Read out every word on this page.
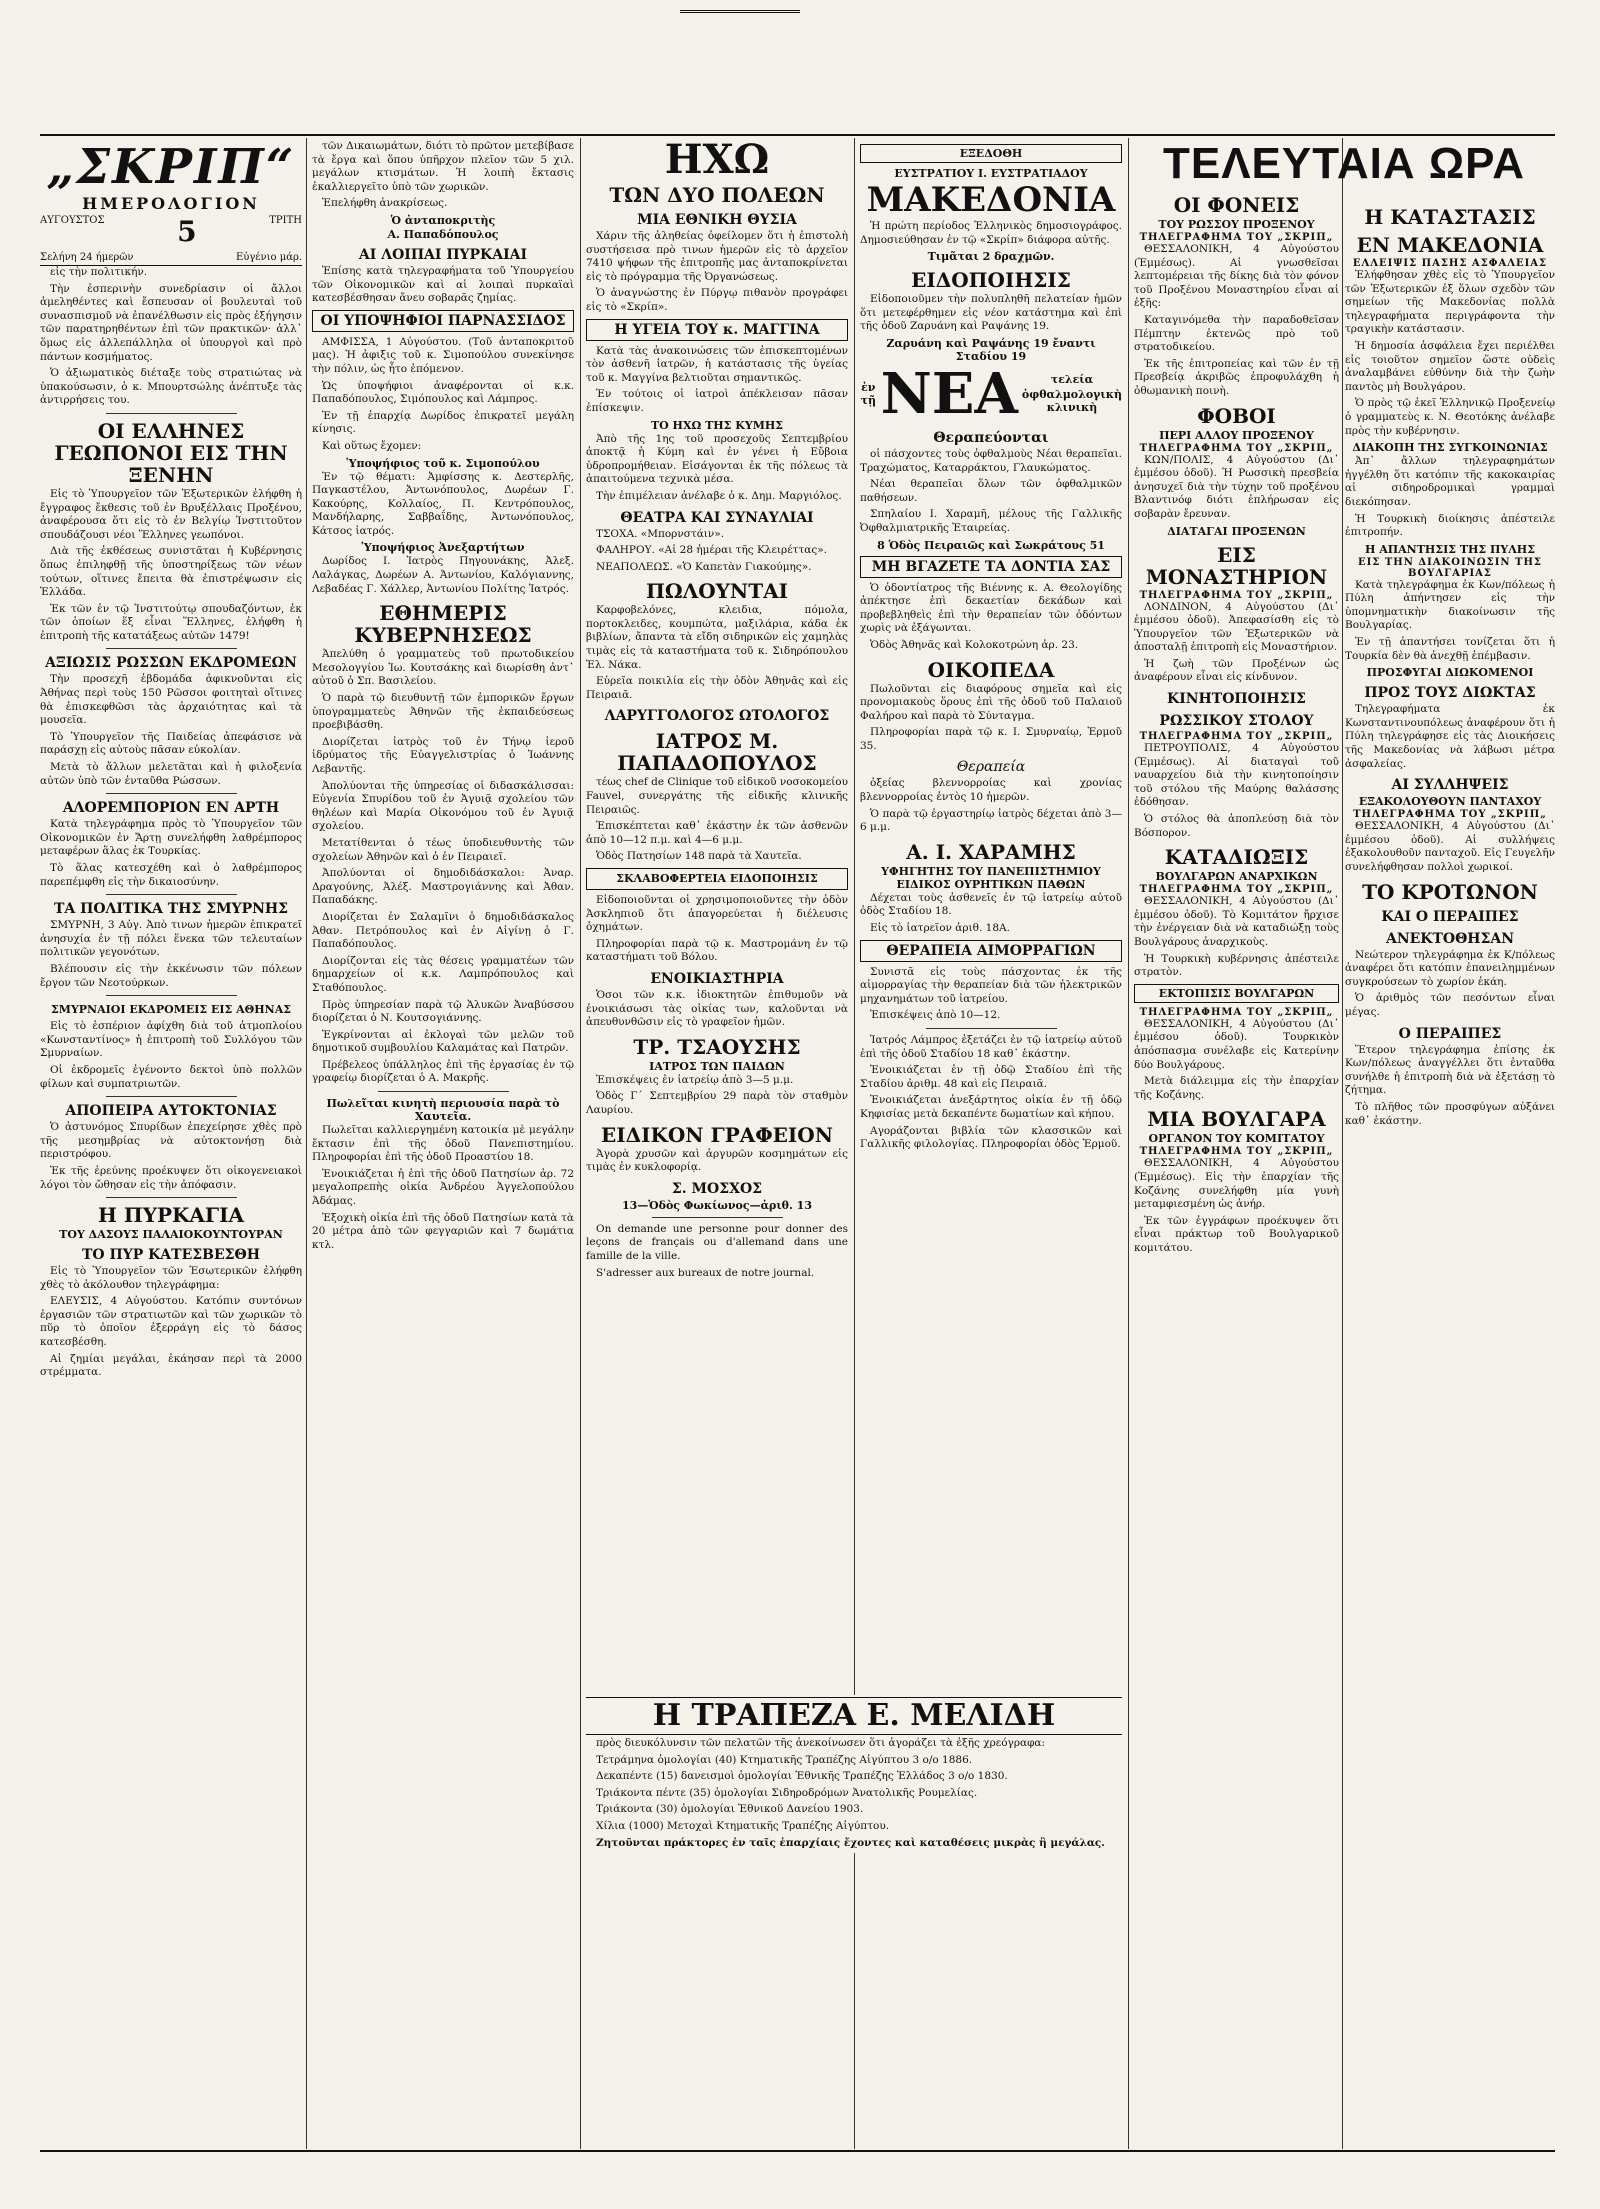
„ΣΚΡΙΠ“
ΗΜΕΡΟΛΟΓΙΟΝ
ΑΥΓΟΥΣΤΟΣ	5	ΤΡΙΤΗ
Σελήνη 24 ήμερῶν	Εὐγένιο μάρ.

εἰς τὴν πολιτικήν.

Τὴν ἐσπερινὴν συνεδρίασιν οἱ ἄλλοι ἀμεληθέντες καὶ ἔσπευσαν οἱ βουλευταὶ τοῦ συνασπισμοῦ νὰ ἐπανέλθωσιν εἰς πρὸς ἐξήγησιν τῶν παρατηρηθέντων ἐπὶ τῶν πρακτικῶν· ἀλλ᾽ ὅμως εἰς ἀλλεπάλληλα οἱ ὑπουργοὶ καὶ πρὸ πάντων κοσμήματος.

Ὁ ἀξιωματικὸς διέταξε τοὺς στρατιώτας νὰ ὑπακούσωσιν, ὁ κ. Μπουρτσώλης ἀνέπτυξε τὰς ἀντιρρήσεις του.

ΟΙ ΕΛΛΗΝΕΣ ΓΕΩΠΟΝΟΙ ΕΙΣ ΤΗΝ ΞΕΝΗΝ

Εἰς τὸ Ὑπουργεῖον τῶν Ἐξωτερικῶν ἐλήφθη ἡ ἔγγραφος ἔκθεσις τοῦ ἐν Βρυξέλλαις Προξένου, ἀναφέρουσα ὅτι εἰς τὸ ἐν Βελγίῳ Ἰνστιτοῦτον σπουδάζουσι νέοι Ἕλληνες γεωπόνοι.

Διὰ τῆς ἐκθέσεως συνιστᾶται ἡ Κυβέρνησις ὅπως ἐπιληφθῇ τῆς ὑποστηρίξεως τῶν νέων τούτων, οἵτινες ἔπειτα θὰ ἐπιστρέψωσιν εἰς Ἑλλάδα.

Ἐκ τῶν ἐν τῷ Ἰνστιτούτῳ σπουδαζόντων, ἐκ τῶν ὁποίων ἕξ εἶναι Ἕλληνες, ἐλήφθη ἡ ἐπιτροπὴ τῆς κατατάξεως αὐτῶν 1479!

ΑΞΙΩΣΙΣ ΡΩΣΣΩΝ ΕΚΔΡΟΜΕΩΝ

Τὴν προσεχῆ ἑβδομάδα ἀφικνοῦνται εἰς Ἀθήνας περὶ τοὺς 150 Ρῶσσοι φοιτηταὶ οἵτινες θὰ ἐπισκεφθῶσι τὰς ἀρχαιότητας καὶ τὰ μουσεῖα.

Τὸ Ὑπουργεῖον τῆς Παιδείας ἀπεφάσισε νὰ παράσχῃ εἰς αὐτοὺς πᾶσαν εὐκολίαν.

Μετὰ τὸ ἄλλων μελετᾶται καὶ ἡ φιλοξενία αὐτῶν ὑπὸ τῶν ἐνταῦθα Ρώσσων.

ΑΛΟΡΕΜΠΟΡΙΟΝ ΕΝ ΑΡΤΗ

Κατὰ τηλεγράφημα πρὸς τὸ Ὑπουργεῖον τῶν Οἰκονομικῶν ἐν Ἄρτῃ συνελήφθη λαθρέμπορος μεταφέρων ἅλας ἐκ Τουρκίας.

Τὸ ἅλας κατεσχέθη καὶ ὁ λαθρέμπορος παρεπέμφθη εἰς τὴν δικαιοσύνην.

ΤΑ ΠΟΛΙΤΙΚΑ ΤΗΣ ΣΜΥΡΝΗΣ

ΣΜΥΡΝΗ, 3 Αὐγ. Ἀπὸ τινων ἡμερῶν ἐπικρατεῖ ἀνησυχία ἐν τῇ πόλει ἕνεκα τῶν τελευταίων πολιτικῶν γεγονότων.

Βλέπουσιν εἰς τὴν ἐκκένωσιν τῶν πόλεων ἔργον τῶν Νεοτούρκων.

ΣΜΥΡΝΑΙΟΙ ΕΚΔΡΟΜΕΙΣ ΕΙΣ ΑΘΗΝΑΣ

Εἰς τὸ ἑσπέριον ἀφίχθη διὰ τοῦ ἀτμοπλοίου «Κωνσταντίνος» ἡ ἐπιτροπὴ τοῦ Συλλόγου τῶν Σμυρναίων.

Οἱ ἐκδρομεῖς ἐγένοντο δεκτοὶ ὑπὸ πολλῶν φίλων καὶ συμπατριωτῶν.

ΑΠΟΠΕΙΡΑ ΑΥΤΟΚΤΟΝΙΑΣ

Ὁ ἀστυνόμος Σπυρίδων ἐπεχείρησε χθὲς πρὸ τῆς μεσημβρίας νὰ αὐτοκτονήσῃ διὰ περιστρόφου.

Ἐκ τῆς ἐρεύνης προέκυψεν ὅτι οἰκογενειακοὶ λόγοι τὸν ὤθησαν εἰς τὴν ἀπόφασιν.

Η ΠΥΡΚΑΓΙΑ
ΤΟΥ ΔΑΣΟΥΣ ΠΑΛΑΙΟΚΟΥΝΤΟΥΡΑΝ
ΤΟ ΠΥΡ ΚΑΤΕΣΒΕΣΘΗ

Εἰς τὸ Ὑπουργεῖον τῶν Ἐσωτερικῶν ἐλήφθη χθὲς τὸ ἀκόλουθον τηλεγράφημα:

ΕΛΕΥΣΙΣ, 4 Αὐγούστου. Κατόπιν συντόνων ἐργασιῶν τῶν στρατιωτῶν καὶ τῶν χωρικῶν τὸ πῦρ τὸ ὁποῖον ἐξερράγη εἰς τὸ δάσος κατεσβέσθη.

Αἱ ζημίαι μεγάλαι, ἐκάησαν περὶ τὰ 2000 στρέμματα.

τῶν Δικαιωμάτων, διότι τὸ πρῶτον μετεβίβασε τὰ ἔργα καὶ ὅπου ὑπῆρχον πλεῖον τῶν 5 χιλ. μεγάλων κτισμάτων. Ἡ λοιπὴ ἔκτασις ἐκαλλιεργεῖτο ὑπὸ τῶν χωρικῶν.

Ἐπελήφθη ἀνακρίσεως.

Ὁ ἀνταποκριτὴς
Α. Παπαδόπουλος
ΑΙ ΛΟΙΠΑΙ ΠΥΡΚΑΙΑΙ

Ἐπίσης κατὰ τηλεγραφήματα τοῦ Ὑπουργείου τῶν Οἰκονομικῶν καὶ αἱ λοιπαὶ πυρκαϊαὶ κατεσβέσθησαν ἄνευ σοβαρᾶς ζημίας.

ΟΙ ΥΠΟΨΗΦΙΟΙ ΠΑΡΝΑΣΣΙΔΟΣ

ΑΜΦΙΣΣΑ, 1 Αὐγούστου. (Τοῦ ἀνταποκριτοῦ μας). Ἡ ἀφιξις τοῦ κ. Σιμοπούλου συνεκίνησε τὴν πόλιν, ὡς ἦτο ἐπόμενον.

Ὡς ὑποψήφιοι ἀναφέρονται οἱ κ.κ. Παπαδόπουλος, Σιμόπουλος καὶ Λάμπρος.

Ἐν τῇ ἐπαρχίᾳ Δωρίδος ἐπικρατεῖ μεγάλη κίνησις.

Καὶ οὕτως ἔχομεν:

Ὑποψήφιος τοῦ κ. Σιμοπούλου

Ἐν τῷ θέματι: Ἀμφίσσης κ. Δεστερλῆς, Παγκαστέλου, Ἀντωνόπουλος, Δωρέων Γ. Κακούρης, Κολλαίος, Π. Κεντρόπουλος, Μανδήλαρης, Σαββαΐδης, Ἀντωνόπουλος, Κάτσος ἰατρός.

Ὑποψήφιος Ἀνεξαρτήτων

Δωρίδος Ι. Ἰατρὸς Πηγουνάκης, Ἀλεξ. Λαλάγκας, Δωρέων Α. Ἀντωνίου, Καλόγιαννης, Λεβαδέας Γ. Χάλλερ, Ἀντωνίου Πολίτης Ἰατρός.

ΕΘΗΜΕΡΙΣ ΚΥΒΕΡΝΗΣΕΩΣ

Ἀπελύθη ὁ γραμματεὺς τοῦ πρωτοδικείου Μεσολογγίου Ἰω. Κουτσάκης καὶ διωρίσθη ἀντ᾽ αὐτοῦ ὁ Σπ. Βασιλείου.

Ὁ παρὰ τῷ διευθυντῇ τῶν ἐμπορικῶν ἔργων ὑπογραμματεὺς Ἀθηνῶν τῆς ἐκπαιδεύσεως προεβιβάσθη.

Διορίζεται ἰατρὸς τοῦ ἐν Τήνῳ ἱεροῦ ἱδρύματος τῆς Εὐαγγελιστρίας ὁ Ἰωάννης Λεβαντῆς.

Ἀπολύονται τῆς ὑπηρεσίας οἱ διδασκάλισσαι: Εὐγενία Σπυρίδου τοῦ ἐν Ἀγυιᾷ σχολείου τῶν θηλέων καὶ Μαρία Οἰκονόμου τοῦ ἐν Ἀγυιᾷ σχολείου.

Μετατίθενται ὁ τέως ὑποδιευθυντὴς τῶν σχολείων Ἀθηνῶν καὶ ὁ ἐν Πειραιεῖ.

Ἀπολύονται οἱ δημοδιδάσκαλοι: Ἀναρ. Δραγούνης, Ἀλέξ. Μαστρογιάννης καὶ Ἀθαν. Παπαδάκης.

Διορίζεται ἐν Σαλαμῖνι ὁ δημοδιδάσκαλος Ἀθαν. Πετρόπουλος καὶ ἐν Αἰγίνῃ ὁ Γ. Παπαδόπουλος.

Διορίζονται εἰς τὰς θέσεις γραμματέων τῶν δημαρχείων οἱ κ.κ. Λαμπρόπουλος καὶ Σταθόπουλος.

Πρὸς ὑπηρεσίαν παρὰ τῷ Ἁλυκῶν Ἀναβύσσου διορίζεται ὁ Ν. Κουτσογιάννης.

Ἐγκρίνονται αἱ ἐκλογαὶ τῶν μελῶν τοῦ δημοτικοῦ συμβουλίου Καλαμάτας καὶ Πατρῶν.

Πρέβελεος ὑπάλληλος ἐπὶ τῆς ἐργασίας ἐν τῷ γραφείῳ διορίζεται ὁ Α. Μακρῆς.

Πωλεῖται κινητὴ περιουσία παρὰ τὸ Χαυτεῖα.

Πωλεῖται καλλιεργημένη κατοικία μὲ μεγάλην ἔκτασιν ἐπὶ τῆς ὁδοῦ Πανεπιστημίου. Πληροφορίαι ἐπὶ τῆς ὁδοῦ Προαστίου 18.

Ἐνοικιάζεται ἡ ἐπὶ τῆς ὁδοῦ Πατησίων ἀρ. 72 μεγαλοπρεπὴς οἰκία Ἀνδρέου Ἀγγελοπούλου Ἀδάμας.

Ἐξοχικὴ οἰκία ἐπὶ τῆς ὁδοῦ Πατησίων κατὰ τὰ 20 μέτρα ἀπὸ τῶν φεγγαριῶν καὶ 7 δωμάτια κτλ.

ΗΧΩ
ΤΩΝ ΔΥΟ ΠΟΛΕΩΝ
ΜΙΑ ΕΘΝΙΚΗ ΘΥΣΙΑ

Χάριν τῆς ἀληθείας ὀφείλομεν ὅτι ἡ ἐπιστολὴ συστήσεισα πρὸ τινων ἡμερῶν εἰς τὸ ἀρχεῖον 7410 ψήφων τῆς ἐπιτροπῆς μας ἀνταποκρίνεται εἰς τὸ πρόγραμμα τῆς Ὀργανώσεως.

Ὁ ἀναγνώστης ἐν Πύργῳ πιθανὸν προγράφει εἰς τὸ «Σκρίπ».

Η ΥΓΕΙΑ ΤΟΥ κ. ΜΑΓΓΙΝΑ

Κατὰ τὰς ἀνακοινώσεις τῶν ἐπισκεπτομένων τὸν ἀσθενῆ ἰατρῶν, ἡ κατάστασις τῆς ὑγείας τοῦ κ. Μαγγίνα βελτιοῦται σημαντικῶς.

Ἐν τούτοις οἱ ἰατροὶ ἀπέκλεισαν πᾶσαν ἐπίσκεψιν.

ΤΟ ΗΧΩ ΤΗΣ ΚΥΜΗΣ

Ἀπὸ τῆς 1ης τοῦ προσεχοῦς Σεπτεμβρίου ἀποκτᾷ ἡ Κύμη καὶ ἐν γένει ἡ Εὔβοια ὑδροπρομήθειαν. Εἰσάγονται ἐκ τῆς πόλεως τὰ ἀπαιτούμενα τεχνικὰ μέσα.

Τὴν ἐπιμέλειαν ἀνέλαβε ὁ κ. Δημ. Μαργιόλος.

ΘΕΑΤΡΑ ΚΑΙ ΣΥΝΑΥΛΙΑΙ

ΤΣΟΧΑ. «Μπορνστάιν».

ΦΑΛΗΡΟΥ. «Αἱ 28 ἡμέραι τῆς Κλειρέττας».

ΝΕΑΠΟΛΕΩΣ. «Ὁ Καπετὰν Γιακούμης».

ΠΩΛΟΥΝΤΑΙ

Καρφοβελόνες, κλειδια, πόμολα, πορτοκλειδες, κουμπώτα, μαξιλάρια, κάδα ἐκ βιβλίων, ἄπαντα τὰ εἴδη σιδηρικῶν εἰς χαμηλὰς τιμὰς εἰς τὰ καταστήματα τοῦ κ. Σιδηρόπουλου Ἑλ. Νάκα.

Εὐρεῖα ποικιλία εἰς τὴν ὁδὸν Ἀθηνᾶς καὶ εἰς Πειραιᾶ.

ΛΑΡΥΓΓΟΛΟΓΟΣ ΩΤΟΛΟΓΟΣ
ΙΑΤΡΟΣ Μ. ΠΑΠΑΔΟΠΟΥΛΟΣ

τέως chef de Clinique τοῦ εἰδικοῦ νοσοκομείου Fauvel, συνεργάτης τῆς εἰδικῆς κλινικῆς Πειραιῶς.

Ἐπισκέπτεται καθ᾽ ἑκάστην ἐκ τῶν ἀσθενῶν ἀπὸ 10—12 π.μ. καὶ 4—6 μ.μ.

Ὁδὸς Πατησίων 148 παρὰ τὰ Χαυτεῖα.

ΣΚΛΑΒΟΦΕΡΤΕΙΑ ΕΙΔΟΠΟΙΗΣΙΣ

Εἰδοποιοῦνται οἱ χρησιμοποιοῦντες τὴν ὁδὸν Ἀσκληπιοῦ ὅτι ἀπαγορεύεται ἡ διέλευσις ὀχημάτων.

Πληροφορίαι παρὰ τῷ κ. Μαστρομάνη ἐν τῷ καταστήματι τοῦ Βόλου.

ΕΝΟΙΚΙΑΣΤΗΡΙΑ

Ὁσοι τῶν κ.κ. ἰδιοκτητῶν ἐπιθυμοῦν νὰ ἐνοικιάσωσι τὰς οἰκίας των, καλοῦνται νὰ ἀπευθυνθῶσιν εἰς τὸ γραφεῖον ἡμῶν.

ΤΡ. ΤΣΑΟΥΣΗΣ
ΙΑΤΡΟΣ ΤΩΝ ΠΑΙΔΩΝ

Ἐπισκέψεις ἐν ἰατρείῳ ἀπὸ 3—5 μ.μ.

Ὁδὸς Γ΄ Σεπτεμβρίου 29 παρὰ τὸν σταθμὸν Λαυρίου.

ΕΙΔΙΚΟΝ ΓΡΑΦΕΙΟΝ

Ἀγορὰ χρυσῶν καὶ ἀργυρῶν κοσμημάτων εἰς τιμὰς ἐν κυκλοφορίᾳ.

Σ. ΜΟΣΧΟΣ
13—Ὁδὸς Φωκίωνος—ἀριθ. 13

On demande une personne pour donner des leçons de français ou d'allemand dans une famille de la ville.

S'adresser aux bureaux de notre journal.

ΕΞΕΔΟΘΗ
ΕΥΣΤΡΑΤΙΟΥ Ι. ΕΥΣΤΡΑΤΙΑΔΟΥ
ΜΑΚΕΔΟΝΙΑ

Ἡ πρώτη περίοδος Ἑλληνικὸς δημοσιογράφος. Δημοσιεύθησαν ἐν τῷ «Σκρίπ» διάφορα αὐτῆς.

Τιμᾶται 2 δραχμῶν.
ΕΙΔΟΠΟΙΗΣΙΣ

Εἰδοποιοῦμεν τὴν πολυπληθῆ πελατείαν ἡμῶν ὅτι μετεφέρθημεν εἰς νέον κατάστημα καὶ ἐπὶ τῆς ὁδοῦ Ζαρυάνη καὶ Ραψάνης 19.

Ζαρυάνη καὶ Ραψάνης 19 ἔναντι Σταδίου 19
ἐν τῇ ΝΕΑ	τελεία
ὀφθαλμολογικὴ κλινικὴ
Θεραπεύονται

οἱ πάσχοντες τοὺς ὀφθαλμοὺς Νέαι θεραπεῖαι. Τραχώματος, Καταρράκτου, Γλαυκώματος.

Νέαι θεραπεῖαι ὅλων τῶν ὀφθαλμικῶν παθήσεων.

Σπηλαίου Ι. Χαραμῆ, μέλους τῆς Γαλλικῆς Ὀφθαλμιατρικῆς Ἑταιρείας.

8 Ὁδὸς Πειραιῶς καὶ Σωκράτους 51
ΜΗ ΒΓΑΖΕΤΕ ΤΑ ΔΟΝΤΙΑ ΣΑΣ

Ὁ ὀδοντίατρος τῆς Βιέννης κ. Α. Θεολογίδης ἀπέκτησε ἐπὶ δεκαετίαν δεκάδων καὶ προβεβληθεὶς ἐπὶ τὴν θεραπείαν τῶν ὀδόντων χωρὶς νὰ ἐξάγωνται.

Ὁδὸς Ἀθηνᾶς καὶ Κολοκοτρώνη ἀρ. 23.

ΟΙΚΟΠΕΔΑ

Πωλοῦνται εἰς διαφόρους σημεῖα καὶ εἰς προνομιακοὺς ὅρους ἐπὶ τῆς ὁδοῦ τοῦ Παλαιοῦ Φαλήρου καὶ παρὰ τὸ Σύνταγμα.

Πληροφορίαι παρὰ τῷ κ. Ι. Σμυρναίῳ, Ἑρμοῦ 35.

Θεραπεία

ὀξείας βλεννορροίας καὶ χρονίας βλεννορροίας ἐντὸς 10 ἡμερῶν.

Ὁ παρὰ τῷ ἐργαστηρίῳ ἰατρὸς δέχεται ἀπὸ 3—6 μ.μ.

Α. Ι. ΧΑΡΑΜΗΣ
ΥΦΗΓΗΤΗΣ ΤΟΥ ΠΑΝΕΠΙΣΤΗΜΙΟΥ ΕΙΔΙΚΟΣ ΟΥΡΗΤΙΚΩΝ ΠΑΘΩΝ

Δέχεται τοὺς ἀσθενεῖς ἐν τῷ ἰατρείῳ αὐτοῦ ὁδὸς Σταδίου 18.

Εἰς τὸ ἰατρεῖον ἀριθ. 18Α.

ΘΕΡΑΠΕΙΑ ΑΙΜΟΡΡΑΓΙΩΝ

Συνιστᾶ εἰς τοὺς πάσχοντας ἐκ τῆς αἱμορραγίας τὴν θεραπείαν διὰ τῶν ἠλεκτρικῶν μηχανημάτων τοῦ ἰατρείου.

Ἐπισκέψεις ἀπὸ 10—12.

Ἰατρός Λάμπρος ἐξετάζει ἐν τῷ ἰατρείῳ αὐτοῦ ἐπὶ τῆς ὁδοῦ Σταδίου 18 καθ᾽ ἑκάστην.

Ἐνοικιάζεται ἐν τῇ ὁδῷ Σταδίου ἐπὶ τῆς Σταδίου ἀριθμ. 48 καὶ εἰς Πειραιᾶ.

Ἐνοικιάζεται ἀνεξάρτητος οἰκία ἐν τῇ ὁδῷ Κηφισίας μετὰ δεκαπέντε δωματίων καὶ κήπου.

Αγοράζονται βιβλία τῶν κλασσικῶν καὶ Γαλλικῆς φιλολογίας. Πληροφορίαι ὁδὸς Ἐρμοῦ.

ΤΕΛΕΥΤΑΙΑ ΩΡΑ
ΟΙ ΦΟΝΕΙΣ
ΤΟΥ ΡΩΣΣΟΥ ΠΡΟΞΕΝΟΥ
ΤΗΛΕΓΡΑΦΗΜΑ ΤΟΥ „ΣΚΡΙΠ„

ΘΕΣΣΑΛΟΝΙΚΗ, 4 Αὐγούστου (Ἐμμέσως). Αἱ γνωσθεῖσαι λεπτομέρειαι τῆς δίκης διὰ τὸν φόνον τοῦ Προξένου Μοναστηρίου εἶναι αἱ ἑξῆς:

Καταγινόμεθα τὴν παραδοθεῖσαν Πέμπτην ἐκτενῶς πρὸ τοῦ στρατοδικείου.

Ἐκ τῆς ἐπιτροπείας καὶ τῶν ἐν τῇ Πρεσβείᾳ ἀκριβῶς ἐπροφυλάχθη ἡ ὀθωμανικὴ ποινὴ.

ΦΟΒΟΙ
ΠΕΡΙ ΑΛΛΟΥ ΠΡΟΞΕΝΟΥ
ΤΗΛΕΓΡΑΦΗΜΑ ΤΟΥ „ΣΚΡΙΠ„

ΚΩΝ/ΠΟΛΙΣ, 4 Αὐγούστου (Δι᾽ ἐμμέσου ὁδοῦ). Ἡ Ρωσσικὴ πρεσβεία ἀνησυχεῖ διὰ τὴν τύχην τοῦ προξένου Βλαντινόφ διότι ἐπλήρωσαν εἰς σοβαρὰν ἔρευναν.

ΔΙΑΤΑΓΑΙ ΠΡΟΞΕΝΩΝ
ΕΙΣ ΜΟΝΑΣΤΗΡΙΟΝ
ΤΗΛΕΓΡΑΦΗΜΑ ΤΟΥ „ΣΚΡΙΠ„

ΛΟΝΔΙΝΟΝ, 4 Αὐγούστου (Δι᾽ ἐμμέσου ὁδοῦ). Ἀπεφασίσθη εἰς τὸ Ὑπουργεῖον τῶν Ἐξωτερικῶν νὰ ἀποσταλῇ ἐπιτροπὴ εἰς Μοναστήριον.

Ἡ ζωὴ τῶν Προξένων ὡς ἀναφέρουν εἶναι εἰς κίνδυνον.

ΚΙΝΗΤΟΠΟΙΗΣΙΣ
ΡΩΣΣΙΚΟΥ ΣΤΟΛΟΥ
ΤΗΛΕΓΡΑΦΗΜΑ ΤΟΥ „ΣΚΡΙΠ„

ΠΕΤΡΟΥΠΟΛΙΣ, 4 Αὐγούστου (Ἐμμέσως). Αἱ διαταγαὶ τοῦ ναυαρχείου διὰ τὴν κινητοποίησιν τοῦ στόλου τῆς Μαύρης θαλάσσης ἐδόθησαν.

Ὁ στόλος θὰ ἀποπλεύσῃ διὰ τὸν Βόσπορον.

ΚΑΤΑΔΙΩΞΙΣ
ΒΟΥΛΓΑΡΩΝ ΑΝΑΡΧΙΚΩΝ
ΤΗΛΕΓΡΑΦΗΜΑ ΤΟΥ „ΣΚΡΙΠ„

ΘΕΣΣΑΛΟΝΙΚΗ, 4 Αὐγούστου (Δι᾽ ἐμμέσου ὁδοῦ). Τὸ Κομιτάτον ἤρχισε τὴν ἐνέργειαν διὰ νὰ καταδιώξῃ τοὺς Βουλγάρους ἀναρχικοὺς.

Ἡ Τουρκικὴ κυβέρνησις ἀπέστειλε στρατὸν.

ΕΚΤΟΠΙΣΙΣ ΒΟΥΛΓΑΡΩΝ
ΤΗΛΕΓΡΑΦΗΜΑ ΤΟΥ „ΣΚΡΙΠ„

ΘΕΣΣΑΛΟΝΙΚΗ, 4 Αὐγούστου (Δι᾽ ἐμμέσου ὁδοῦ). Τουρκικὸν ἀπόσπασμα συνέλαβε εἰς Κατερίνην δύο Βουλγάρους.

Μετὰ διάλειμμα εἰς τὴν ἐπαρχίαν τῆς Κοζάνης.

ΜΙΑ ΒΟΥΛΓΑΡΑ
ΟΡΓΑΝΟΝ ΤΟΥ ΚΟΜΙΤΑΤΟΥ
ΤΗΛΕΓΡΑΦΗΜΑ ΤΟΥ „ΣΚΡΙΠ„

ΘΕΣΣΑΛΟΝΙΚΗ, 4 Αὐγούστου (Ἐμμέσως). Εἰς τὴν ἐπαρχίαν τῆς Κοζάνης συνελήφθη μία γυνὴ μεταμφιεσμένη ὡς ἀνήρ.

Ἐκ τῶν ἐγγράφων προέκυψεν ὅτι εἶναι πράκτωρ τοῦ Βουλγαρικοῦ κομιτάτου.

Η ΚΑΤΑΣΤΑΣΙΣ
ΕΝ ΜΑΚΕΔΟΝΙΑ
ΕΛΛΕΙΨΙΣ ΠΑΣΗΣ ΑΣΦΑΛΕΙΑΣ

Ἐλήφθησαν χθὲς εἰς τὸ Ὑπουργεῖον τῶν Ἐξωτερικῶν ἐξ ὅλων σχεδὸν τῶν σημείων τῆς Μακεδονίας πολλὰ τηλεγραφήματα περιγράφοντα τὴν τραγικὴν κατάστασιν.

Ἡ δημοσία ἀσφάλεια ἔχει περιέλθει εἰς τοιοῦτον σημεῖον ὥστε οὐδεὶς ἀναλαμβάνει εὐθύνην διὰ τὴν ζωὴν παντὸς μὴ Βουλγάρου.

Ὁ πρὸς τῷ ἐκεῖ Ἑλληνικῷ Προξενείῳ ὁ γραμματεὺς κ. Ν. Θεοτόκης ἀνέλαβε πρὸς τὴν κυβέρνησιν.

ΔΙΑΚΟΠΗ ΤΗΣ ΣΥΓΚΟΙΝΩΝΙΑΣ

Ἀπ᾽ ἄλλων τηλεγραφημάτων ἠγγέλθη ὅτι κατόπιν τῆς κακοκαιρίας αἱ σιδηροδρομικαὶ γραμμαὶ διεκόπησαν.

Ἡ Τουρκικὴ διοίκησις ἀπέστειλε ἐπιτροπήν.

Η ΑΠΑΝΤΗΣΙΣ ΤΗΣ ΠΥΛΗΣ
ΕΙΣ ΤΗΝ ΔΙΑΚΟΙΝΩΣΙΝ ΤΗΣ ΒΟΥΛΓΑΡΙΑΣ

Κατὰ τηλεγράφημα ἐκ Κων/πόλεως ἡ Πύλη ἀπήντησεν εἰς τὴν ὑπομνηματικὴν διακοίνωσιν τῆς Βουλγαρίας.

Ἐν τῇ ἀπαντήσει τονίζεται ὅτι ἡ Τουρκία δὲν θὰ ἀνεχθῇ ἐπέμβασιν.

ΠΡΟΣΦΥΓΑΙ ΔΙΩΚΟΜΕΝΟΙ
ΠΡΟΣ ΤΟΥΣ ΔΙΩΚΤΑΣ

Τηλεγραφήματα ἐκ Κωνσταντινουπόλεως ἀναφέρουν ὅτι ἡ Πύλη τηλεγράφησε εἰς τὰς Διοικήσεις τῆς Μακεδονίας νὰ λάβωσι μέτρα ἀσφαλείας.

ΑΙ ΣΥΛΛΗΨΕΙΣ
ΕΞΑΚΟΛΟΥΘΟΥΝ ΠΑΝΤΑΧΟΥ
ΤΗΛΕΓΡΑΦΗΜΑ ΤΟΥ „ΣΚΡΙΠ„

ΘΕΣΣΑΛΟΝΙΚΗ, 4 Αὐγούστου (Δι᾽ ἐμμέσου ὁδοῦ). Αἱ συλλήψεις ἐξακολουθοῦν πανταχοῦ. Εἰς Γευγελῆν συνελήφθησαν πολλοὶ χωρικοί.

ΤΟ ΚΡΟΤΩΝΟΝ
ΚΑΙ Ο ΠΕΡΑΙΠΕΣ
ΑΝΕΚΤΟΘΗΣΑΝ

Νεώτερον τηλεγράφημα ἐκ Κ/πόλεως ἀναφέρει ὅτι κατόπιν ἐπανειλημμένων συγκρούσεων τὸ χωρίον ἐκάη.

Ὁ ἀριθμὸς τῶν πεσόντων εἶναι μέγας.

Ο ΠΕΡΑΙΠΕΣ

Ἕτερον τηλεγράφημα ἐπίσης ἐκ Κων/πόλεως ἀναγγέλλει ὅτι ἐνταῦθα συνήλθε ἡ ἐπιτροπὴ διὰ νὰ ἐξετάσῃ τὸ ζήτημα.

Τὸ πλῆθος τῶν προσφύγων αὐξάνει καθ᾽ ἑκάστην.

Η ΤΡΑΠΕΖΑ Ε. ΜΕΛΙΔΗ

πρὸς διευκόλυνσιν τῶν πελατῶν τῆς ἀνεκοίνωσεν ὅτι ἀγοράζει τὰ ἐξῆς χρεόγραφα:

Τετράμηνα ὁμολογίαι (40) Κτηματικῆς Τραπέζης Αἰγύπτου 3 ο/ο 1886.

Δεκαπέντε (15) δανεισμοὶ ὁμολογίαι Ἐθνικῆς Τραπέζης Ἑλλάδος 3 ο/ο 1830.

Τριάκοντα πέντε (35) ὁμολογίαι Σιδηροδρόμων Ἀνατολικῆς Ρουμελίας.

Τριάκοντα (30) ὁμολογίαι Ἐθνικοῦ Δανείου 1903.

Χίλια (1000) Μετοχαὶ Κτηματικῆς Τραπέζης Αἰγύπτου.

Ζητοῦνται πράκτορες ἐν ταῖς ἐπαρχίαις ἔχοντες καὶ καταθέσεις μικρὰς ἢ μεγάλας.
